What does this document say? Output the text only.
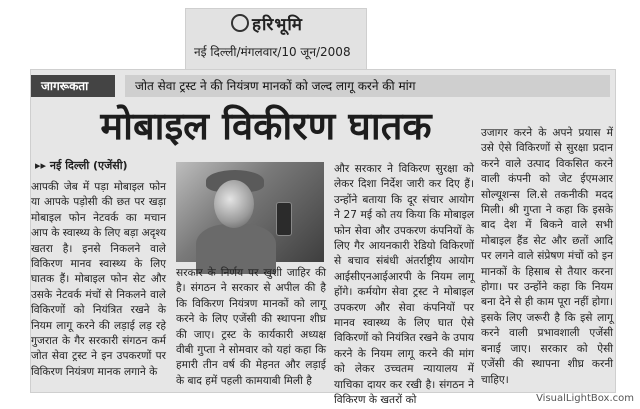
हरिभूमि
नई दिल्ली/मंगलवार/10 जून/2008
जागरूकता	जोत सेवा ट्रस्ट ने की नियंत्रण मानकों को जल्द लागू करने की मांग
मोबाइल विकीरण घातक
▸▸ नई दिल्ली (एजेंसी)
आपकी जेब में पड़ा मोबाइल फोन या आपके पड़ोसी की छत पर खड़ा मोबाइल फोन नेटवर्क का मचान आप के स्वास्थ्य के लिए बड़ा अदृश्य खतरा है। इनसे निकलने वाले विकिरण मानव स्वास्थ्य के लिए घातक हैं। मोबाइल फोन सेट और उसके नेटवर्क मंचों से निकलने वाले विकिरणों को नियंत्रित रखने के नियम लागू करने की लड़ाई लड़ रहे गुजरात के गैर सरकारी संगठन कर्म जोत सेवा ट्रस्ट ने इन उपकरणों पर विकिरण नियंत्रण मानक लगाने के
सरकार के निर्णय पर खुशी जाहिर की है। संगठन ने सरकार से अपील की है कि विकिरण नियंत्रण मानकों को लागू करने के लिए एजेंसी की स्थापना शीघ्र की जाए। ट्रस्ट के कार्यकारी अध्यक्ष वीबी गुप्ता ने सोमवार को यहां कहा कि हमारी तीन वर्ष की मेहनत और लड़ाई के बाद हमें पहली कामयाबी मिली है
और सरकार ने विकिरण सुरक्षा को लेकर दिशा निर्देश जारी कर दिए हैं। उन्होंने बताया कि दूर संचार आयोग ने 27 मई को तय किया कि मोबाइल फोन सेवा और उपकरण कंपनियों के लिए गैर आयनकारी रेडियो विकिरणों से बचाव संबंधी अंतर्राष्ट्रीय आयोग आईसीएनआईआरपी के नियम लागू होंगे। कर्मयोग सेवा ट्रस्ट ने मोबाइल उपकरण और सेवा कंपनियों पर मानव स्वास्थ्य के लिए घात ऐसे विकिरणों को नियंत्रित रखने के उपाय करने के नियम लागू करने की मांग को लेकर उच्चतम न्यायालय में याचिका दायर कर रखी है। संगठन ने विकिरण के खतरों को
उजागर करने के अपने प्रयास में उसे ऐसे विकिरणों से सुरक्षा प्रदान करने वाले उत्पाद विकसित करने वाली कंपनी को जेट ईएमआर सोल्यूशन्स लि.से तकनीकी मदद मिली। श्री गुप्ता ने कहा कि इसके बाद देश में बिकने वाले सभी मोबाइल हैंड सेट और छतों आदि पर लगने वाले संप्रेषण मंचों को इन मानकों के हिसाब से तैयार करना होगा। पर उन्होंने कहा कि नियम बना देने से ही काम पूरा नहीं होगा। इसके लिए जरूरी है कि इसे लागू करने वाली प्रभावशाली एजेंसी बनाई जाए। सरकार को ऐसी एजेंसी की स्थापना शीघ्र करनी चाहिए।
VisualLightBox.com
